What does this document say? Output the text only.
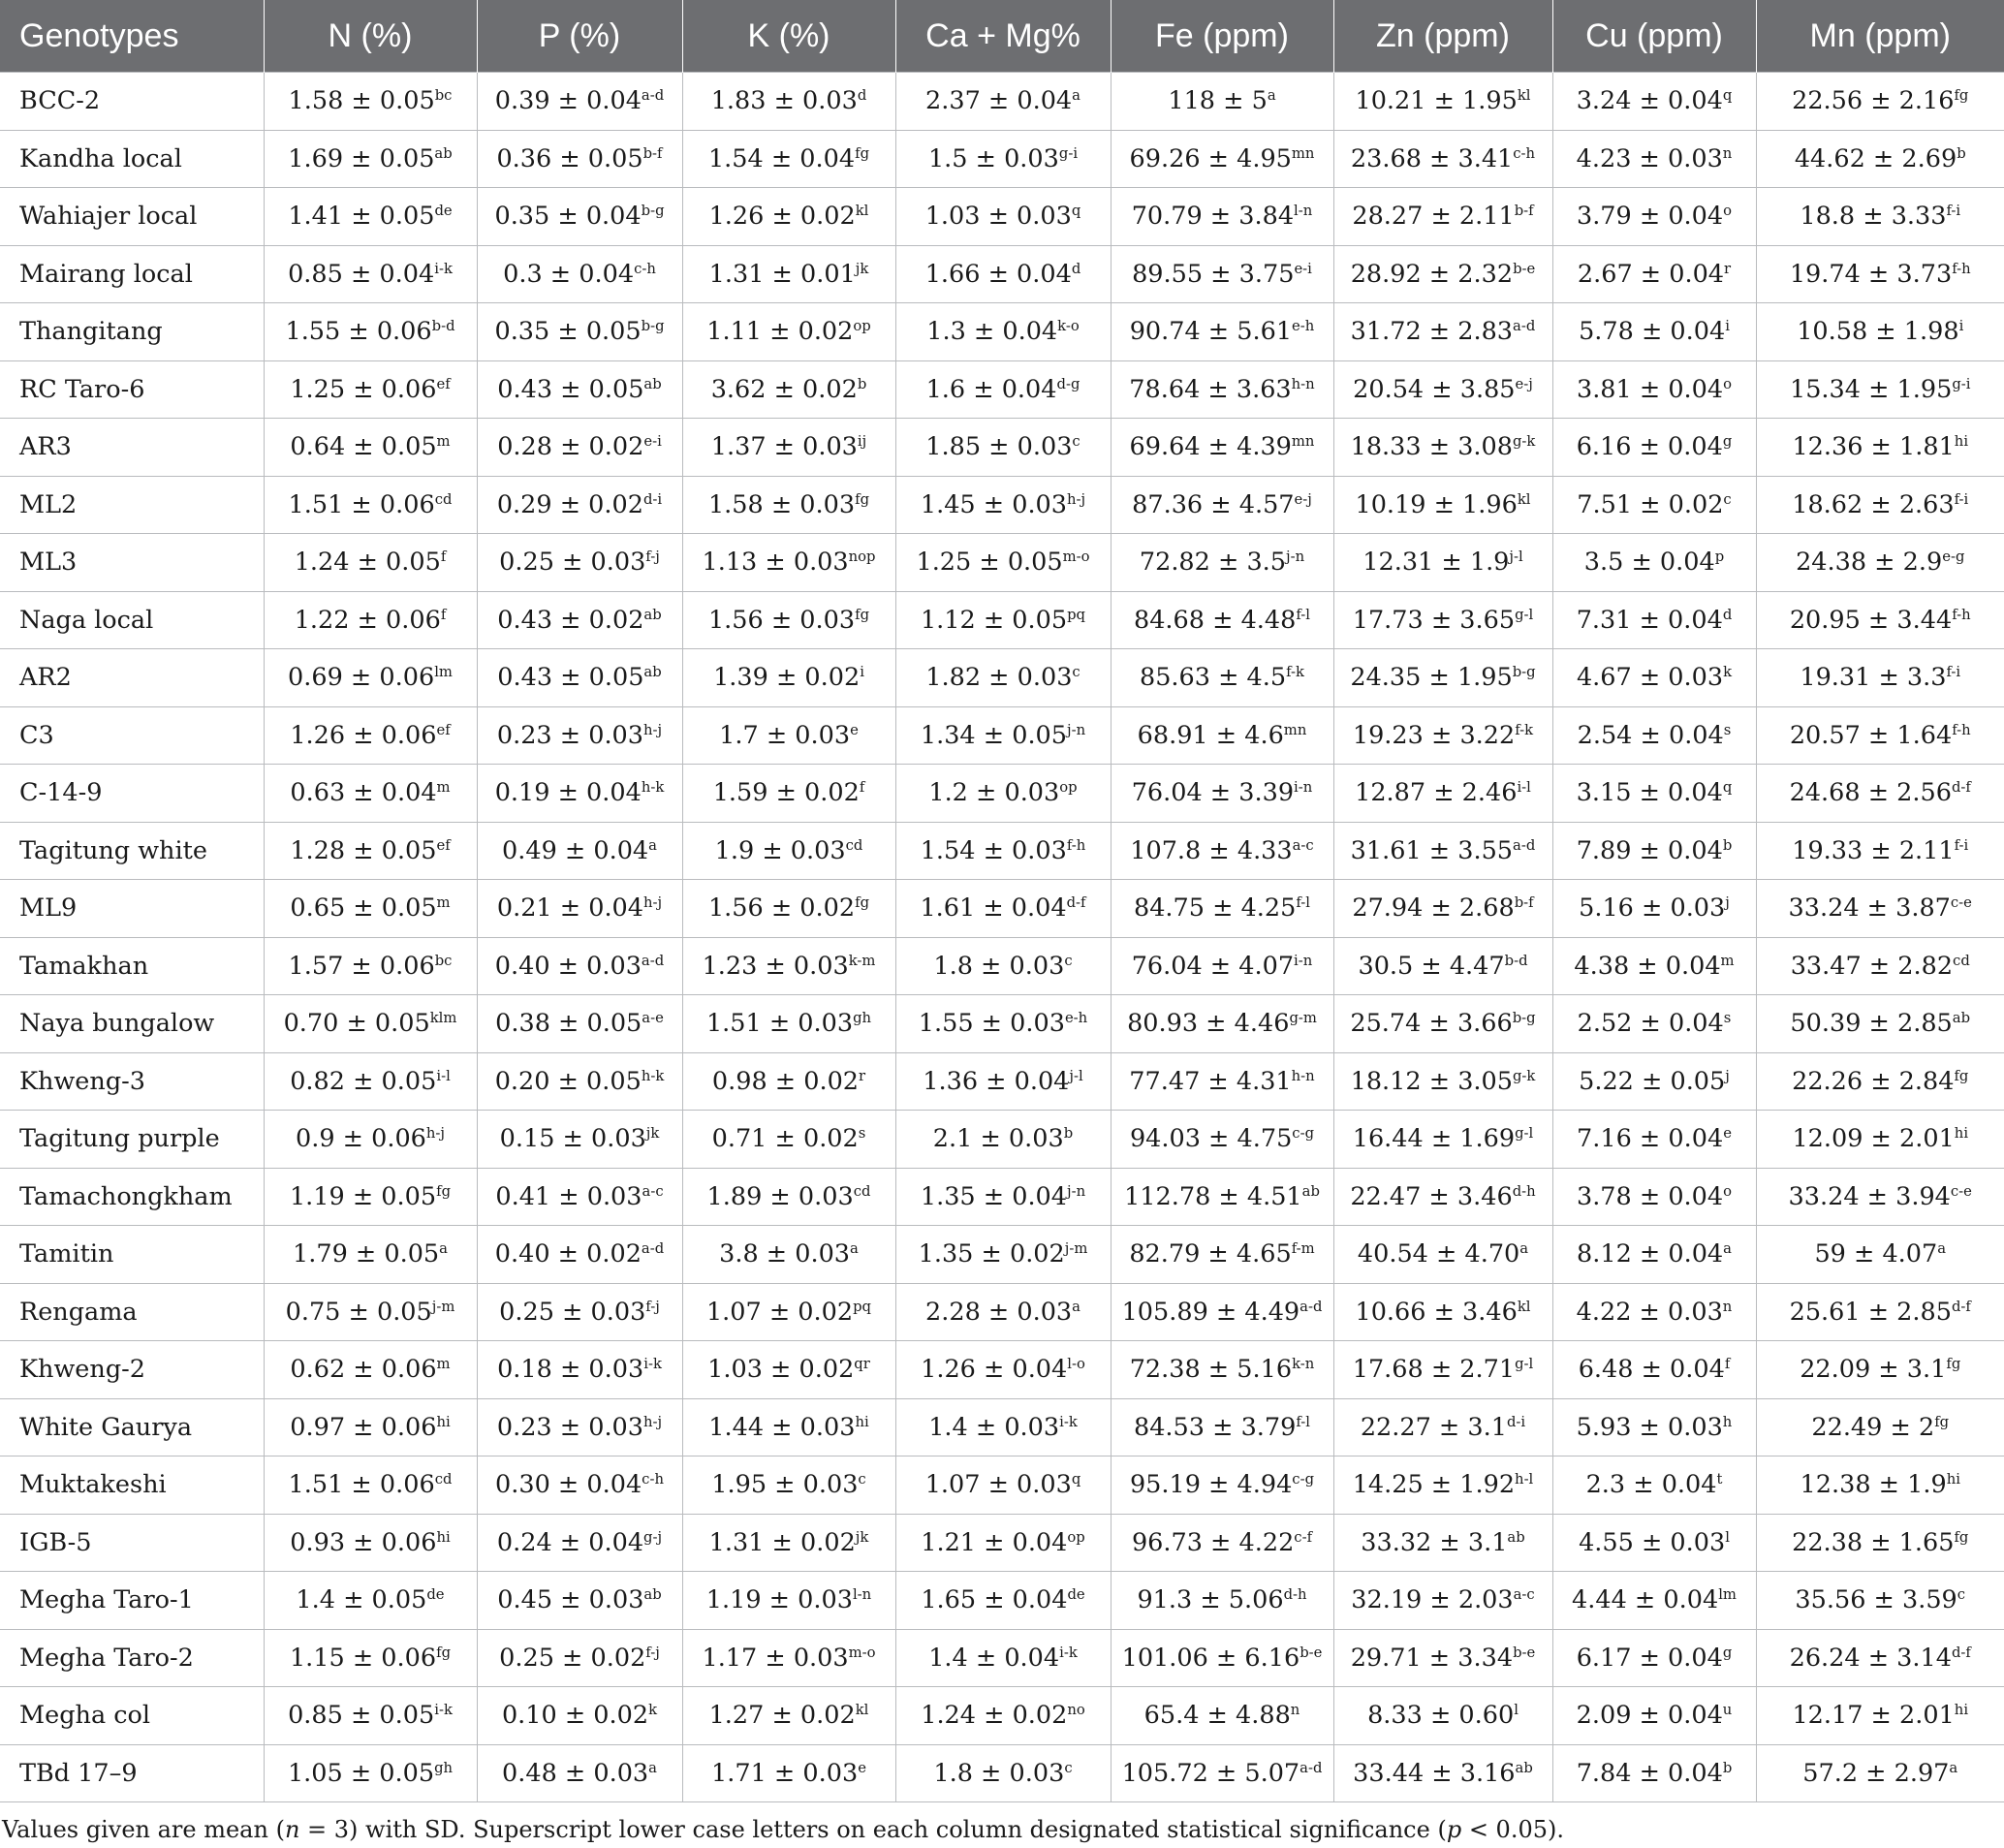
Genotypes	N (%)	P (%)	K (%)	Ca + Mg%	Fe (ppm)	Zn (ppm)	Cu (ppm)	Mn (ppm)
BCC-2	1.58 ± 0.05$^{bc}$	$0.39 \pm 0.04^{a-d}$	1.83 ± 0.03$^d$	2.37 ± 0.04$^a$	$118 \pm 5^a$	$10.21 \pm 1.95^{kl}$	$3.24 \pm 0.04^q$	22.56 ± 2.16$^{fg}$
Kandha local	1.69 ± 0.05$^{ab}$	$0.36 \pm 0.05^{b-f}$	1.54 ± 0.04$^{fg}$	$1.5 \pm 0.03^{g-i}$	$69.26 \pm 4.95^{mn}$	$23.68 \pm 3.41^{c-h}$	$4.23 \pm 0.03^n$	44.62 ± 2.69$^b$
Wahiajer local	1.41 ± 0.05de	$0.35 \pm 0.04^{b-g}$	$1.26 \pm 0.02^{kl}$	$1.03 \pm 0.03^q$	$70.79 \pm 3.84^{l-n}$	$28.27 \pm 2.11^{b-f}$	$3.79 \pm 0.04^o$	$18.8 \pm 3.33^{f-i}$
Mairang local	$0.85 \pm 0.04^{i-k}$	$0.3 \pm 0.04^{c-h}$	$1.31 \pm 0.01^{jk}$	1.66 ± 0.04$^d$	$89.55 \pm 3.75^{e-i}$	$28.92 \pm 2.32^{b-e}$	$2.67 \pm 0.04^r$	$19.74 \pm 3.73^{f-h}$
Thangitang	$1.55 \pm 0.06^{b-d}$	$0.35 \pm 0.05^{b-g}$	$1.11 \pm 0.02^{op}$	$1.3 \pm 0.04^{k-o}$	$90.74 \pm 5.61^{e-h}$	$31.72 \pm 2.83^{a-d}$	$5.78 \pm 0.04^i$	$10.58 \pm 1.98^i$
RC Taro-6	1.25 ± 0.06$^{ef}$	0.43 ± 0.05$^{ab}$	3.62 ± 0.02$^b$	$1.6 \pm 0.04^{d-g}$	$78.64 \pm 3.63^{h-n}$	$20.54 \pm 3.85^{e-j}$	$3.81 \pm 0.04^o$	$15.34 \pm 1.95^{g-i}$
AR3	$0.64 \pm 0.05^m$	$0.28 \pm 0.02^{e-i}$	$1.37 \pm 0.03^{ij}$	1.85 ± 0.03$^c$	$69.64 \pm 4.39^{mn}$	$18.33 \pm 3.08^{g-k}$	6.16 ± 0.04$^g$	$12.36 \pm 1.81^{hi}$
ML2	1.51 ± 0.06$^{cd}$	$0.29 \pm 0.02^{d-i}$	1.58 ± 0.03$^{fg}$	$1.45 \pm 0.03^{h-j}$	$87.36 \pm 4.57^{e-j}$	$10.19 \pm 1.96^{kl}$	7.51 ± 0.02$^c$	$18.62 \pm 2.63^{f-i}$
ML3	1.24 ± 0.05$^f$	$0.25 \pm 0.03^{f-j}$	$1.13 \pm 0.03^{nop}$	$1.25 \pm 0.05^{m-o}$	$72.82 \pm 3.5^{j-n}$	$12.31 \pm 1.9^{j-l}$	$3.5 \pm 0.04^p$	$24.38 \pm 2.9^{e-g}$
Naga local	1.22 ± 0.06$^f$	0.43 ± 0.02$^{ab}$	1.56 ± 0.03$^{fg}$	$1.12 \pm 0.05^{pq}$	$84.68 \pm 4.48^{f-l}$	$17.73 \pm 3.65^{g-l}$	7.31 ± 0.04$^d$	$20.95 \pm 3.44^{f-h}$
AR2	$0.69 \pm 0.06^{lm}$	0.43 ± 0.05$^{ab}$	$1.39 \pm 0.02^i$	1.82 ± 0.03$^c$	$85.63 \pm 4.5^{f-k}$	$24.35 \pm 1.95^{b-g}$	$4.67 \pm 0.03^k$	$19.31 \pm 3.3^{f-i}$
C3	1.26 ± 0.06$^{ef}$	$0.23 \pm 0.03^{h-j}$	1.7 ± 0.03$^e$	$1.34 \pm 0.05^{j-n}$	$68.91 \pm 4.6^{mn}$	$19.23 \pm 3.22^{f-k}$	$2.54 \pm 0.04^s$	$20.57 \pm 1.64^{f-h}$
C-14-9	$0.63 \pm 0.04^m$	$0.19 \pm 0.04^{h-k}$	1.59 ± 0.02$^f$	$1.2 \pm 0.03^{op}$	$76.04 \pm 3.39^{i-n}$	$12.87 \pm 2.46^{i-l}$	$3.15 \pm 0.04^q$	$24.68 \pm 2.56^{d-f}$
Tagitung white	1.28 ± 0.05$^{ef}$	0.49 ± 0.04$^a$	1.9 ± 0.03$^{cd}$	$1.54 \pm 0.03^{f-h}$	$107.8 \pm 4.33^{a-c}$	$31.61 \pm 3.55^{a-d}$	7.89 ± 0.04$^b$	$19.33 \pm 2.11^{f-i}$
ML9	$0.65 \pm 0.05^m$	$0.21 \pm 0.04^{h-j}$	1.56 ± 0.02$^{fg}$	$1.61 \pm 0.04^{d-f}$	$84.75 \pm 4.25^{f-l}$	$27.94 \pm 2.68^{b-f}$	$5.16 \pm 0.03^j$	$33.24 \pm 3.87^{c-e}$
Tamakhan	1.57 ± 0.06$^{bc}$	$0.40 \pm 0.03^{a-d}$	$1.23 \pm 0.03^{k-m}$	1.8 ± 0.03$^c$	$76.04 \pm 4.07^{i-n}$	$30.5 \pm 4.47^{b-d}$	$4.38 \pm 0.04^m$	33.47 ± 2.82$^{cd}$
Naya bungalow	$0.70 \pm 0.05^{klm}$	$0.38 \pm 0.05^{a-e}$	1.51 ± 0.03$^{gh}$	$1.55 \pm 0.03^{e-h}$	$80.93 \pm 4.46^{g-m}$	$25.74 \pm 3.66^{b-g}$	$2.52 \pm 0.04^s$	50.39 ± 2.85$^{ab}$
Khweng-3	$0.82 \pm 0.05^{i-l}$	$0.20 \pm 0.05^{h-k}$	$0.98 \pm 0.02^r$	$1.36 \pm 0.04^{j-l}$	$77.47 \pm 4.31^{h-n}$	$18.12 \pm 3.05^{g-k}$	$5.22 \pm 0.05^j$	22.26 ± 2.84$^{fg}$
Tagitung purple	$0.9 \pm 0.06^{h-j}$	$0.15 \pm 0.03^{jk}$	$0.71 \pm 0.02^s$	2.1 ± 0.03$^b$	$94.03 \pm 4.75^{c-g}$	$16.44 \pm 1.69^{g-l}$	7.16 ± 0.04$^e$	$12.09 \pm 2.01^{hi}$
Tamachongkham	1.19 ± 0.05$^{fg}$	$0.41 \pm 0.03^{a-c}$	1.89 ± 0.03$^{cd}$	$1.35 \pm 0.04^{j-n}$	112.78 ± 4.51$^{ab}$	$22.47 \pm 3.46^{d-h}$	$3.78 \pm 0.04^o$	$33.24 \pm 3.94^{c-e}$
Tamitin	1.79 ± 0.05$^a$	$0.40 \pm 0.02^{a-d}$	3.8 ± 0.03$^a$	$1.35 \pm 0.02^{j-m}$	$82.79 \pm 4.65^{f-m}$	40.54 ± 4.70$^a$	8.12 ± 0.04$^a$	59 ± 4.07$^a$
Rengama	$0.75 \pm 0.05^{j-m}$	$0.25 \pm 0.03^{f-j}$	$1.07 \pm 0.02^{pq}$	2.28 ± 0.03$^a$	$105.89 \pm 4.49^{a-d}$	$10.66 \pm 3.46^{kl}$	$4.22 \pm 0.03^n$	$25.61 \pm 2.85^{d-f}$
Khweng-2	$0.62 \pm 0.06^m$	$0.18 \pm 0.03^{i-k}$	$1.03 \pm 0.02^{qr}$	$1.26 \pm 0.04^{l-o}$	$72.38 \pm 5.16^{k-n}$	$17.68 \pm 2.71^{g-l}$	6.48 ± 0.04$^f$	22.09 ± 3.1$^{fg}$
White Gaurya	$0.97 \pm 0.06^{hi}$	$0.23 \pm 0.03^{h-j}$	$1.44 \pm 0.03^{hi}$	$1.4 \pm 0.03^{i-k}$	$84.53 \pm 3.79^{f-l}$	$22.27 \pm 3.1^{d-i}$	5.93 ± 0.03$^h$	$22.49 \pm 2^{fg}$
Muktakeshi	1.51 ± 0.06$^{cd}$	$0.30 \pm 0.04^{c-h}$	1.95 ± 0.03$^c$	$1.07 \pm 0.03^q$	$95.19 \pm 4.94^{c-g}$	$14.25 \pm 1.92^{h-l}$	$2.3 \pm 0.04^t$	$12.38 \pm 1.9^{hi}$
IGB-5	$0.93 \pm 0.06^{hi}$	$0.24 \pm 0.04^{g-j}$	$1.31 \pm 0.02^{jk}$	$1.21 \pm 0.04^{op}$	$96.73 \pm 4.22^{c-f}$	33.32 ± 3.1$^{ab}$	$4.55 \pm 0.03^l$	22.38 ± 1.65$^{fg}$
Megha Taro-1	1.4 ± 0.05de	0.45 ± 0.03$^{ab}$	$1.19 \pm 0.03^{l-n}$	1.65 ± 0.04de	$91.3 \pm 5.06^{d-h}$	$32.19 \pm 2.03^{a-c}$	$4.44 \pm 0.04^{lm}$	35.56 ± 3.59$^c$
Megha Taro-2	1.15 ± 0.06$^{fg}$	$0.25 \pm 0.02^{f-j}$	$1.17 \pm 0.03^{m-o}$	$1.4 \pm 0.04^{i-k}$	$101.06 \pm 6.16^{b-e}$	$29.71 \pm 3.34^{b-e}$	6.17 ± 0.04$^g$	$26.24 \pm 3.14^{d-f}$
Megha col	$0.85 \pm 0.05^{i-k}$	$0.10 \pm 0.02^k$	$1.27 \pm 0.02^{kl}$	$1.24 \pm 0.02^{no}$	$65.4 \pm 4.88^n$	$8.33 \pm 0.60^l$	$2.09 \pm 0.04^u$	$12.17 \pm 2.01^{hi}$
TBd 17–9	1.05 ± 0.05$^{gh}$	0.48 ± 0.03$^a$	1.71 ± 0.03$^e$	1.8 ± 0.03$^c$	$105.72 \pm 5.07^{a-d}$	33.44 ± 3.16$^{ab}$	7.84 ± 0.04$^b$	57.2 ± 2.97$^a$
Values given are mean (n = 3) with SD. Superscript lower case letters on each column designated statistical significance (p < 0.05).
